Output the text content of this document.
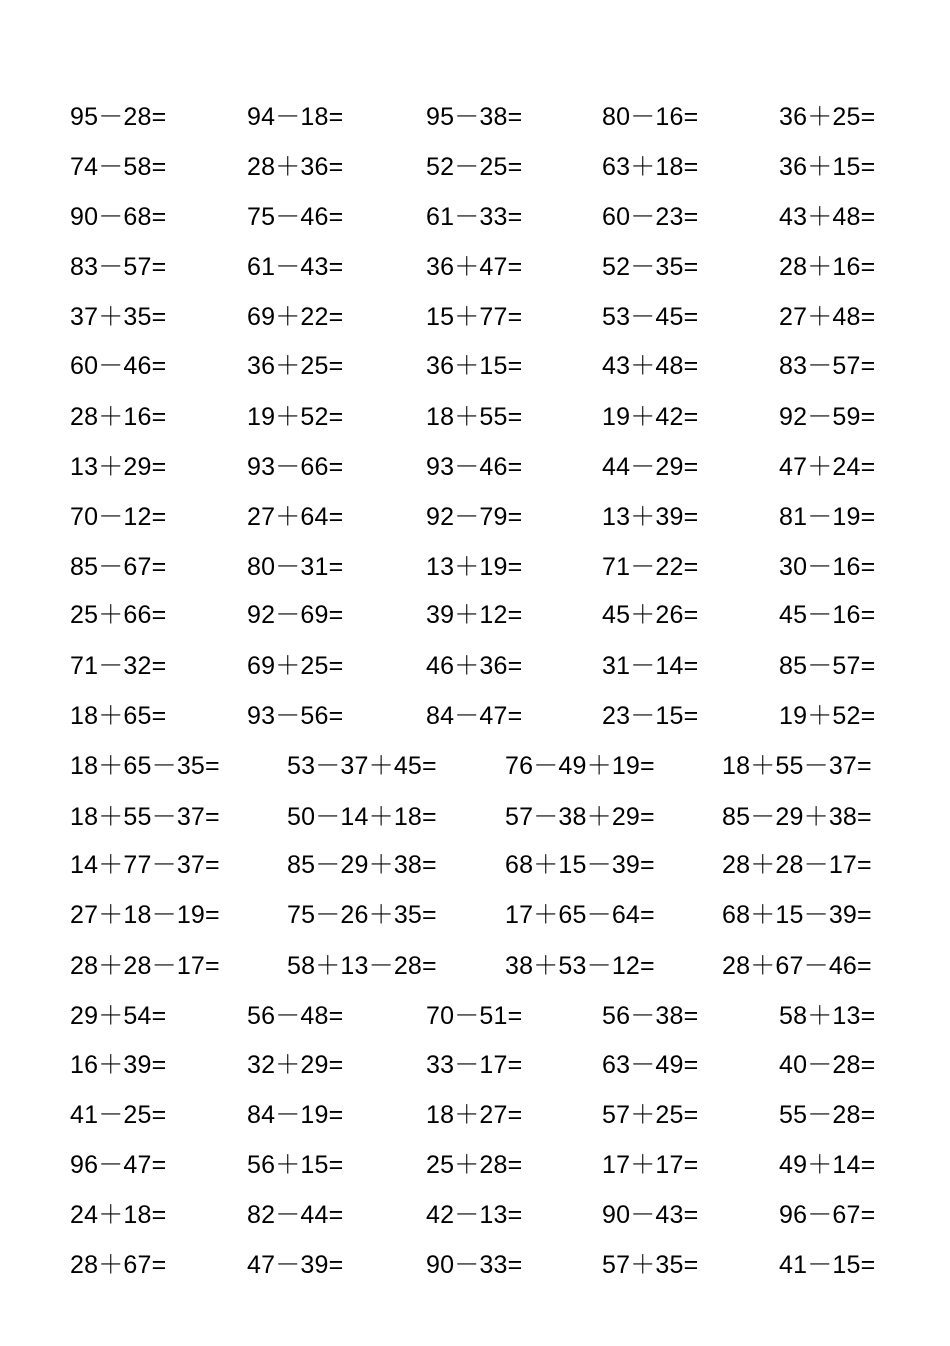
95－28=	94－18=	95－38=	80－16=	36＋25=
74－58=	28＋36=	52－25=	63＋18=	36＋15=
90－68=	75－46=	61－33=	60－23=	43＋48=
83－57=	61－43=	36＋47=	52－35=	28＋16=
37＋35=	69＋22=	15＋77=	53－45=	27＋48=
60－46=	36＋25=	36＋15=	43＋48=	83－57=
28＋16=	19＋52=	18＋55=	19＋42=	92－59=
13＋29=	93－66=	93－46=	44－29=	47＋24=
70－12=	27＋64=	92－79=	13＋39=	81－19=
85－67=	80－31=	13＋19=	71－22=	30－16=
25＋66=	92－69=	39＋12=	45＋26=	45－16=
71－32=	69＋25=	46＋36=	31－14=	85－57=
18＋65=	93－56=	84－47=	23－15=	19＋52=
18＋65－35=	53－37＋45=	76－49＋19=	18＋55－37=
18＋55－37=	50－14＋18=	57－38＋29=	85－29＋38=
14＋77－37=	85－29＋38=	68＋15－39=	28＋28－17=
27＋18－19=	75－26＋35=	17＋65－64=	68＋15－39=
28＋28－17=	58＋13－28=	38＋53－12=	28＋67－46=
29＋54=	56－48=	70－51=	56－38=	58＋13=
16＋39=	32＋29=	33－17=	63－49=	40－28=
41－25=	84－19=	18＋27=	57＋25=	55－28=
96－47=	56＋15=	25＋28=	17＋17=	49＋14=
24＋18=	82－44=	42－13=	90－43=	96－67=
28＋67=	47－39=	90－33=	57＋35=	41－15=
